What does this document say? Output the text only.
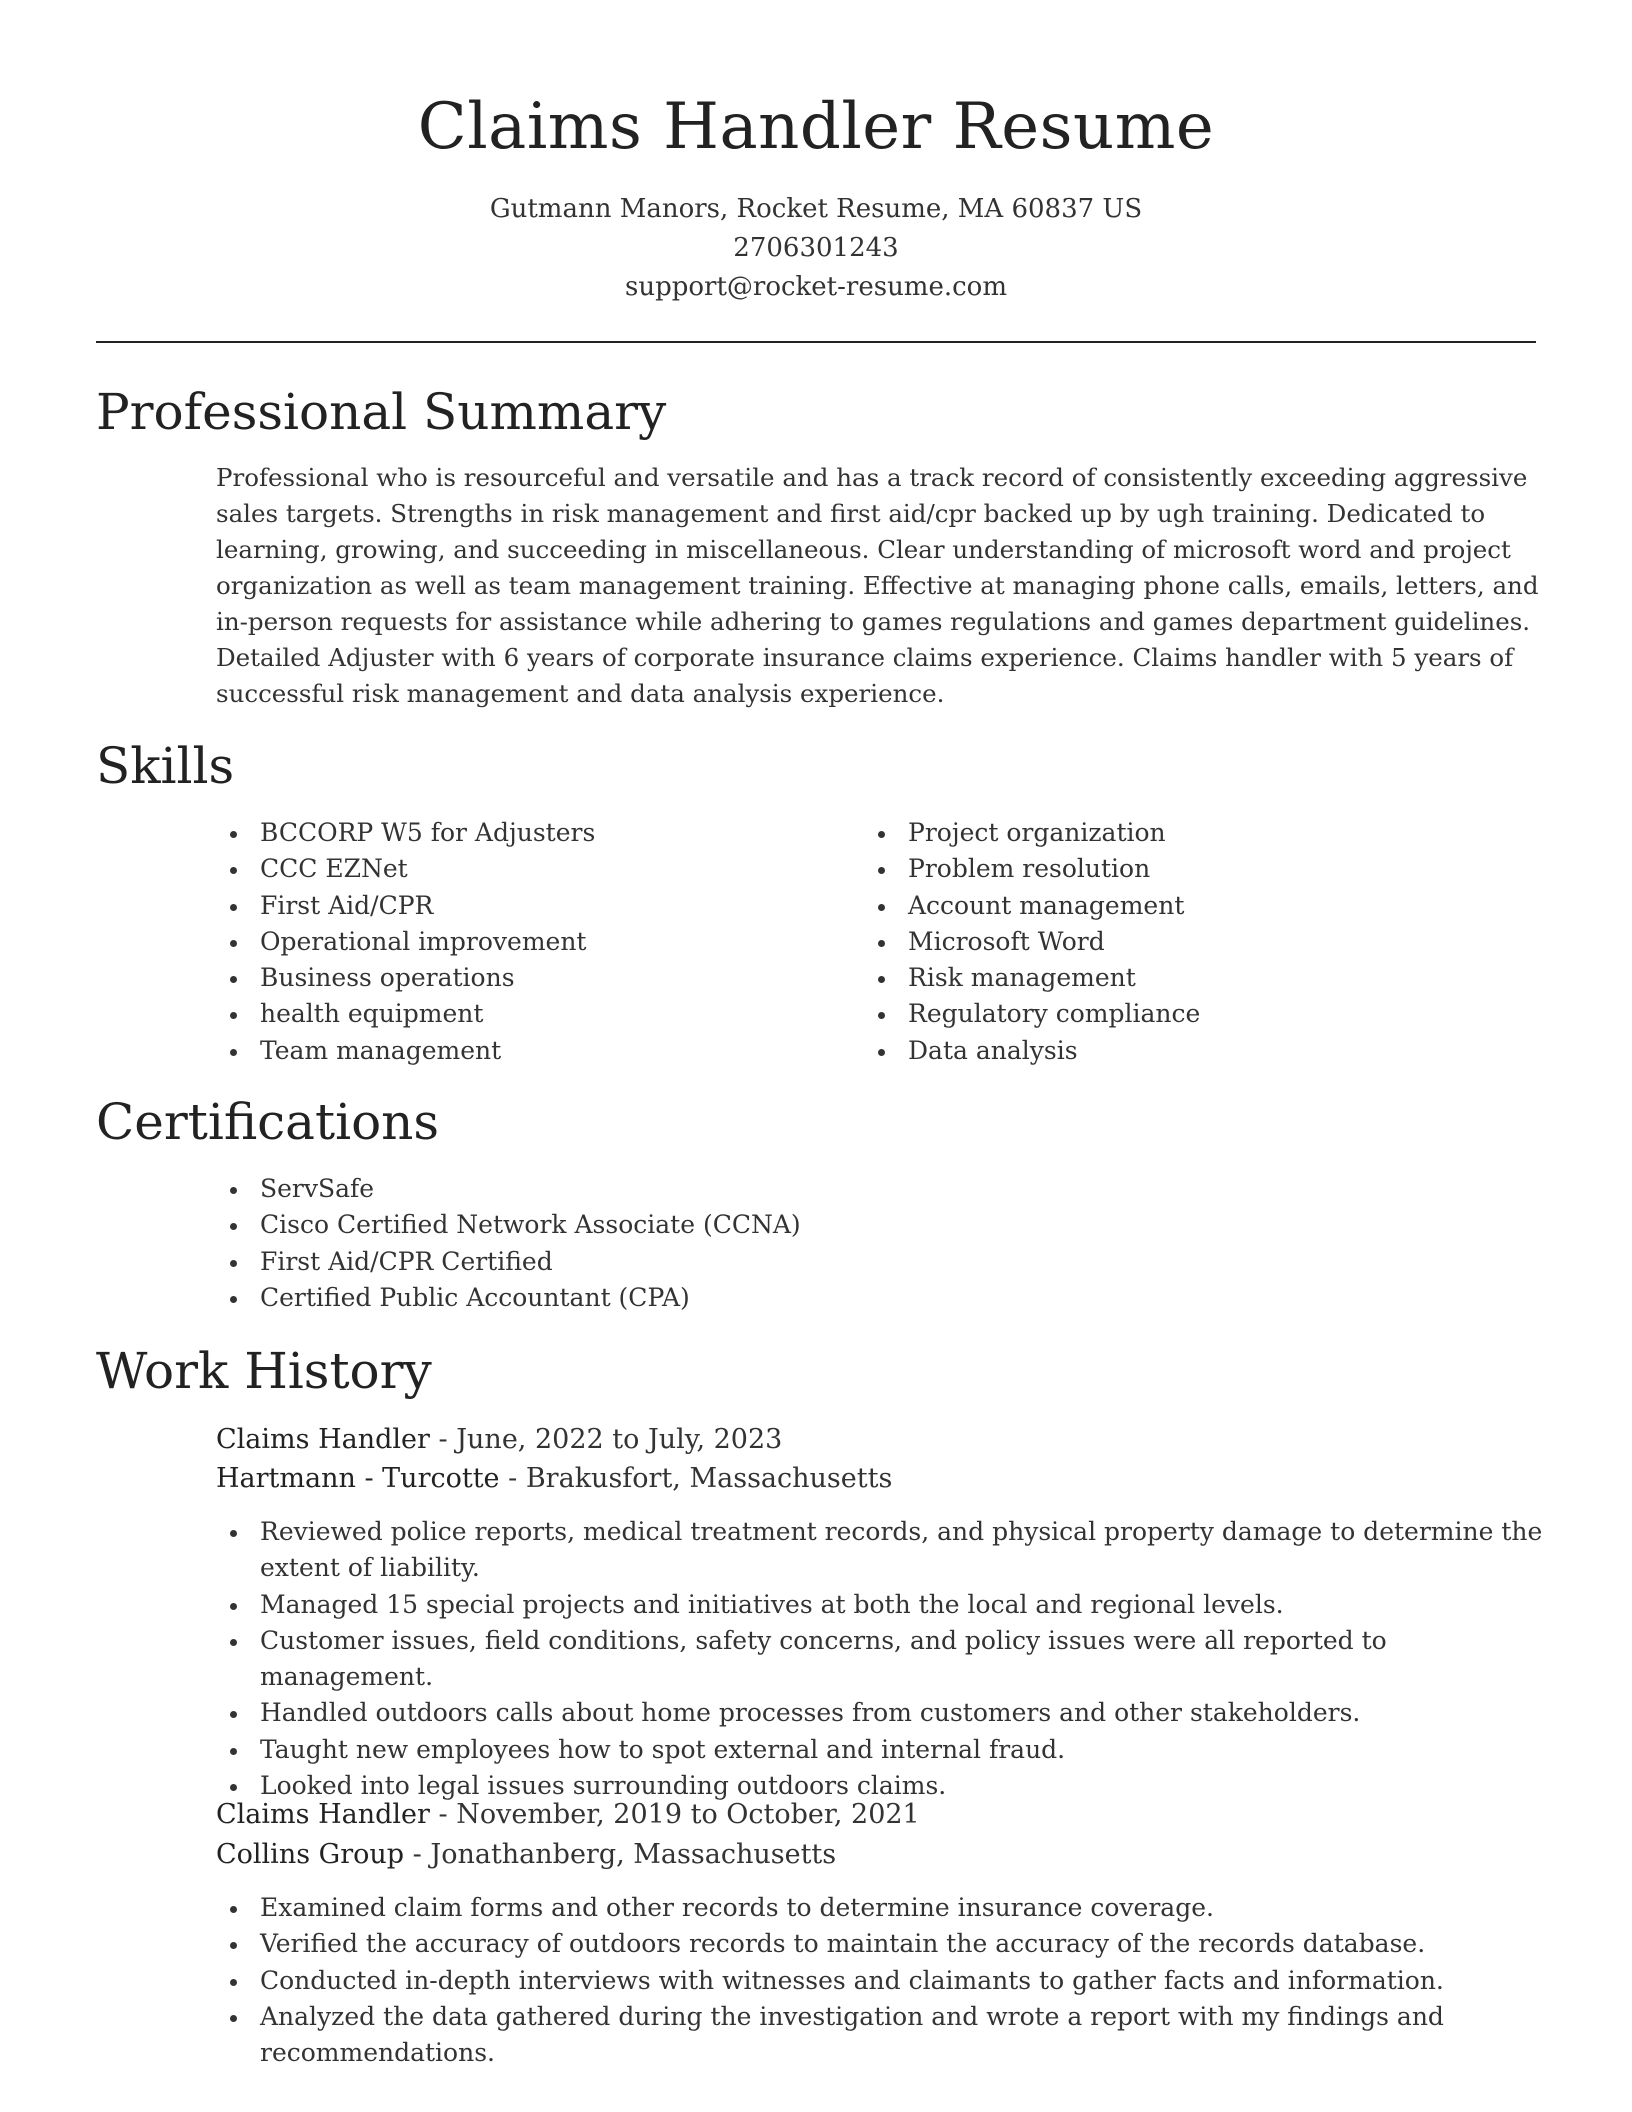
Claims Handler Resume
Gutmann Manors, Rocket Resume, MA 60837 US
2706301243
support@rocket-resume.com
Professional Summary

Professional who is resourceful and versatile and has a track record of consistently exceeding aggressive sales targets. Strengths in risk management and first aid/cpr backed up by ugh training. Dedicated to learning, growing, and succeeding in miscellaneous. Clear understanding of microsoft word and project organization as well as team management training. Effective at managing phone calls, emails, letters, and in-person requests for assistance while adhering to games regulations and games department guidelines. Detailed Adjuster with 6 years of corporate insurance claims experience. Claims handler with 5 years of successful risk management and data analysis experience.

Skills
BCCORP W5 for Adjusters
CCC EZNet
First Aid/CPR
Operational improvement
Business operations
health equipment
Team management
Project organization
Problem resolution
Account management
Microsoft Word
Risk management
Regulatory compliance
Data analysis
Certifications
ServSafe
Cisco Certified Network Associate (CCNA)
First Aid/CPR Certified
Certified Public Accountant (CPA)
Work History
Claims Handler - June, 2022 to July, 2023
Hartmann - Turcotte - Brakusfort, Massachusetts
Reviewed police reports, medical treatment records, and physical property damage to determine the extent of liability.
Managed 15 special projects and initiatives at both the local and regional levels.
Customer issues, field conditions, safety concerns, and policy issues were all reported to management.
Handled outdoors calls about home processes from customers and other stakeholders.
Taught new employees how to spot external and internal fraud.
Looked into legal issues surrounding outdoors claims.
Claims Handler - November, 2019 to October, 2021
Collins Group - Jonathanberg, Massachusetts
Examined claim forms and other records to determine insurance coverage.
Verified the accuracy of outdoors records to maintain the accuracy of the records database.
Conducted in-depth interviews with witnesses and claimants to gather facts and information.
Analyzed the data gathered during the investigation and wrote a report with my findings and recommendations.
